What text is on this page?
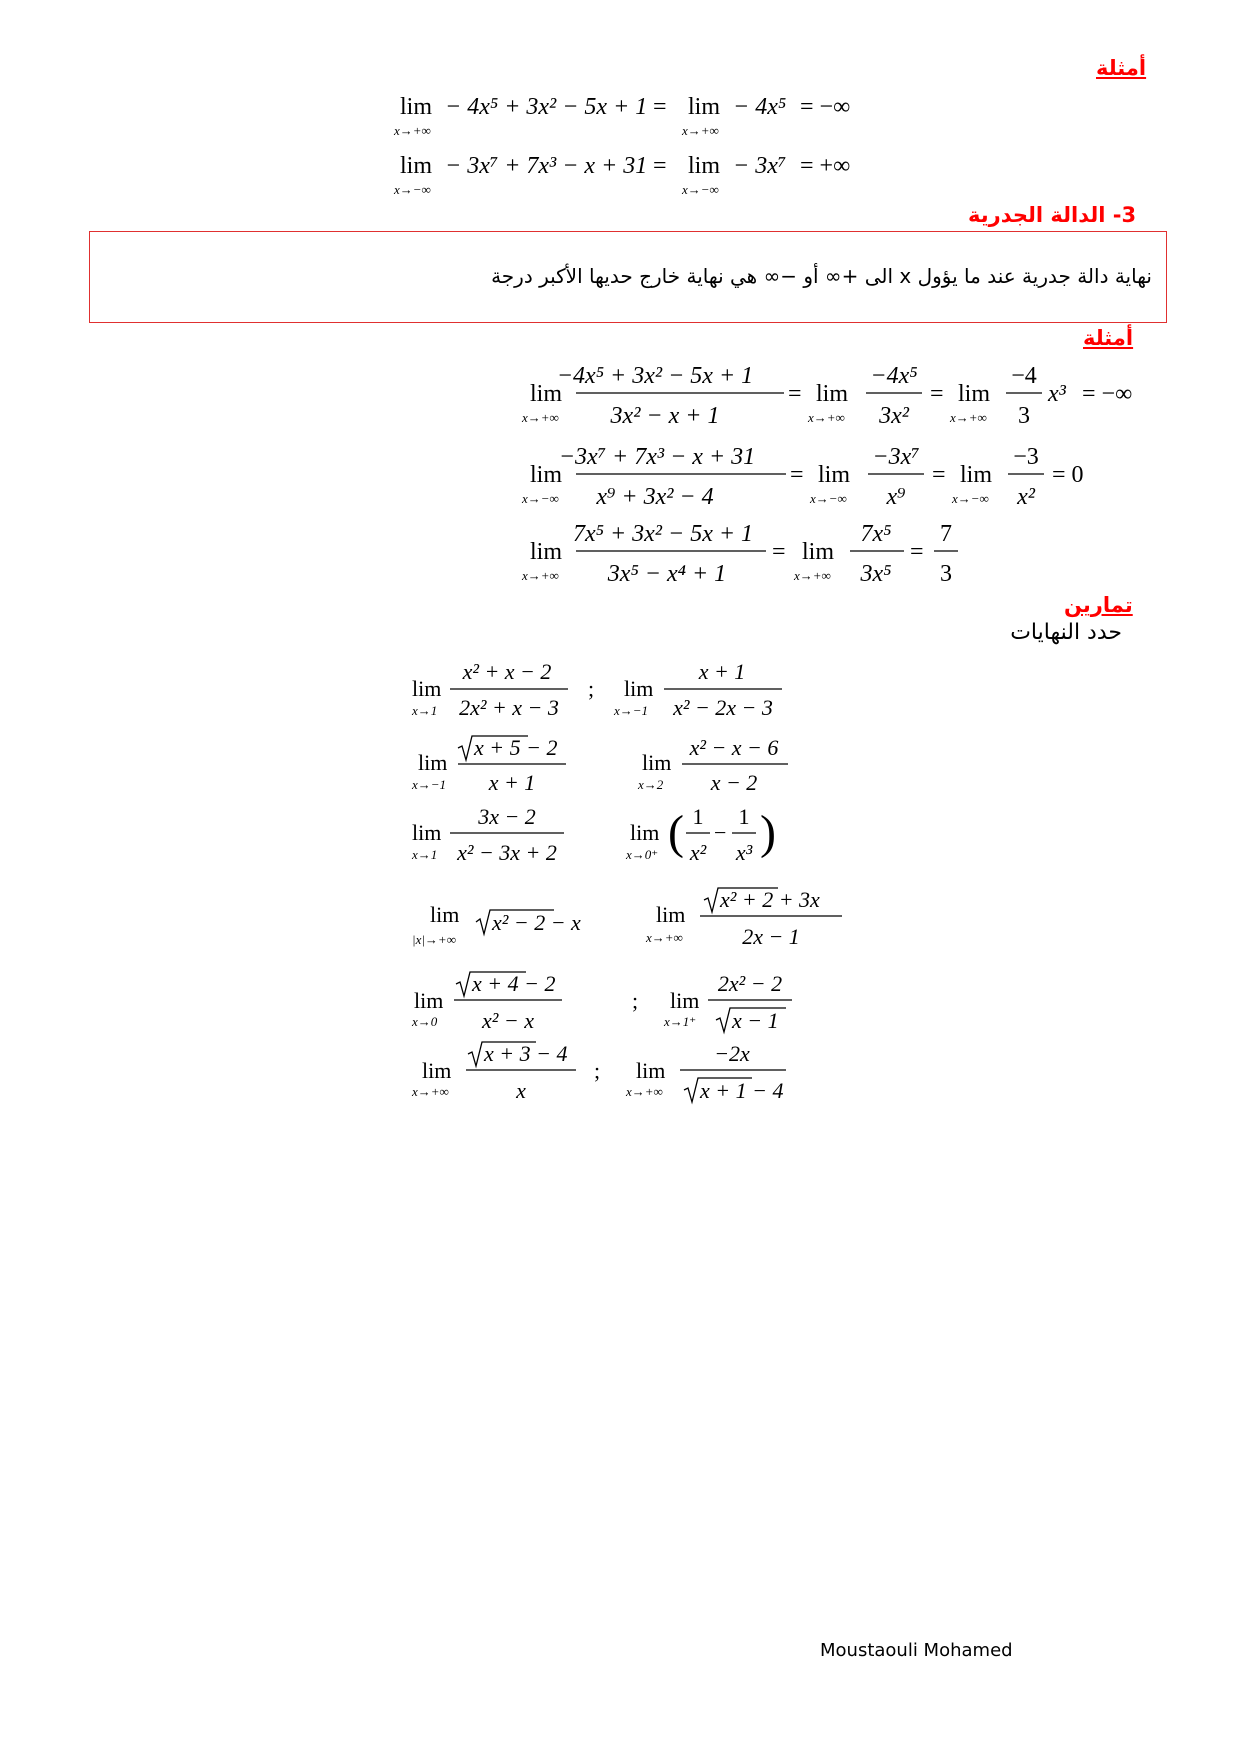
أمثلة
lim
x→+∞
− 4x⁵ + 3x² − 5x + 1 = lim
x→+∞
− 4x⁵ = −∞
lim
x→−∞
− 3x⁷ + 7x³ − x + 31 = lim
x→−∞
− 3x⁷ = +∞
3- الدالة الجدرية
نهاية دالة جدرية عند ما يؤول x الى +∞ أو −∞ هي نهاية خارج حديها الأكبر درجة
أمثلة
lim
x→+∞
−4x⁵ + 3x² − 5x + 1
3x² − x + 1
= lim
x→+∞
−4x⁵
3x²
= lim
x→+∞
−4
3
x³ = −∞
lim
x→−∞
−3x⁷ + 7x³ − x + 31
x⁹ + 3x² − 4
= lim
x→−∞
−3x⁷
x⁹
= lim
x→−∞
−3
x²
= 0
lim
x→+∞
7x⁵ + 3x² − 5x + 1
3x⁵ − x⁴ + 1
= lim
x→+∞
7x⁵
3x⁵
=
7
3
تمارين
حدد النهايات
lim
x→1
x² + x − 2
2x² + x − 3
; lim
x→−1
x + 1
x² − 2x − 3
lim
x→−1
x + 5 − 2
x + 1
lim
x→2
x² − x − 6
x − 2
lim
x→1
3x − 2
x² − 3x + 2
lim
x→0⁺ ( 1
x²
−
1
x³ )
lim
|x|→+∞
x² − 2 − x	lim
x→+∞
x² + 2 + 3x
2x − 1
lim
x→0
x + 4 − 2
x² − x
; lim
x→1⁺
2x² − 2
x − 1
lim
x→+∞
x + 3 − 4
x
; lim
x→+∞
−2x
x + 1 − 4
Moustaouli Mohamed
